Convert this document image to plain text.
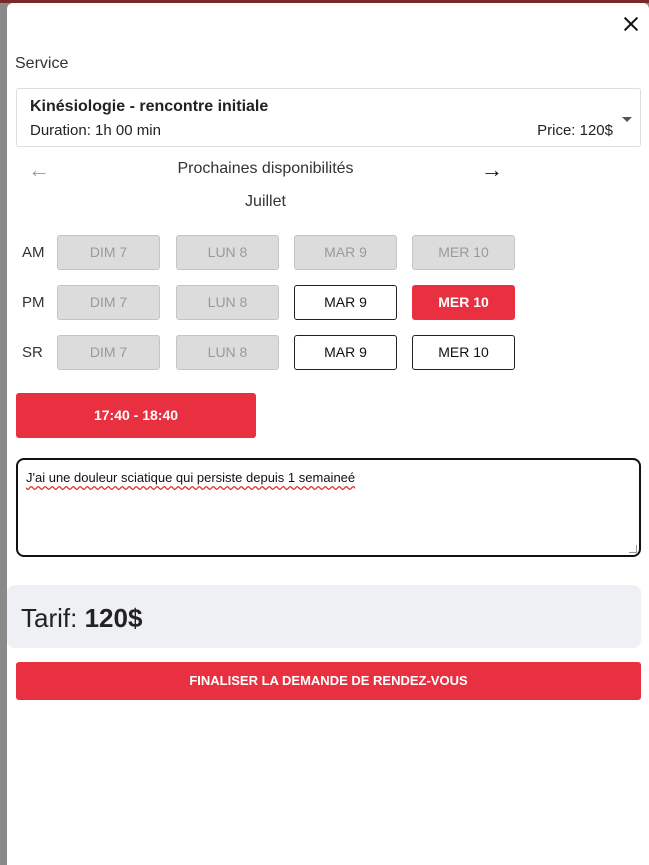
Service
Kinésiologie - rencontre initiale
Duration: 1h 00 min	Price: 120$
←	Prochaines disponibilités	→
Juillet
AM	DIM 7	LUN 8	MAR 9	MER 10
PM	DIM 7	LUN 8	MAR 9	MER 10
SR	DIM 7	LUN 8	MAR 9	MER 10
17:40 - 18:40
J'ai une douleur sciatique qui persiste depuis 1 semaineé
Tarif: 120$
FINALISER LA DEMANDE DE RENDEZ-VOUS
